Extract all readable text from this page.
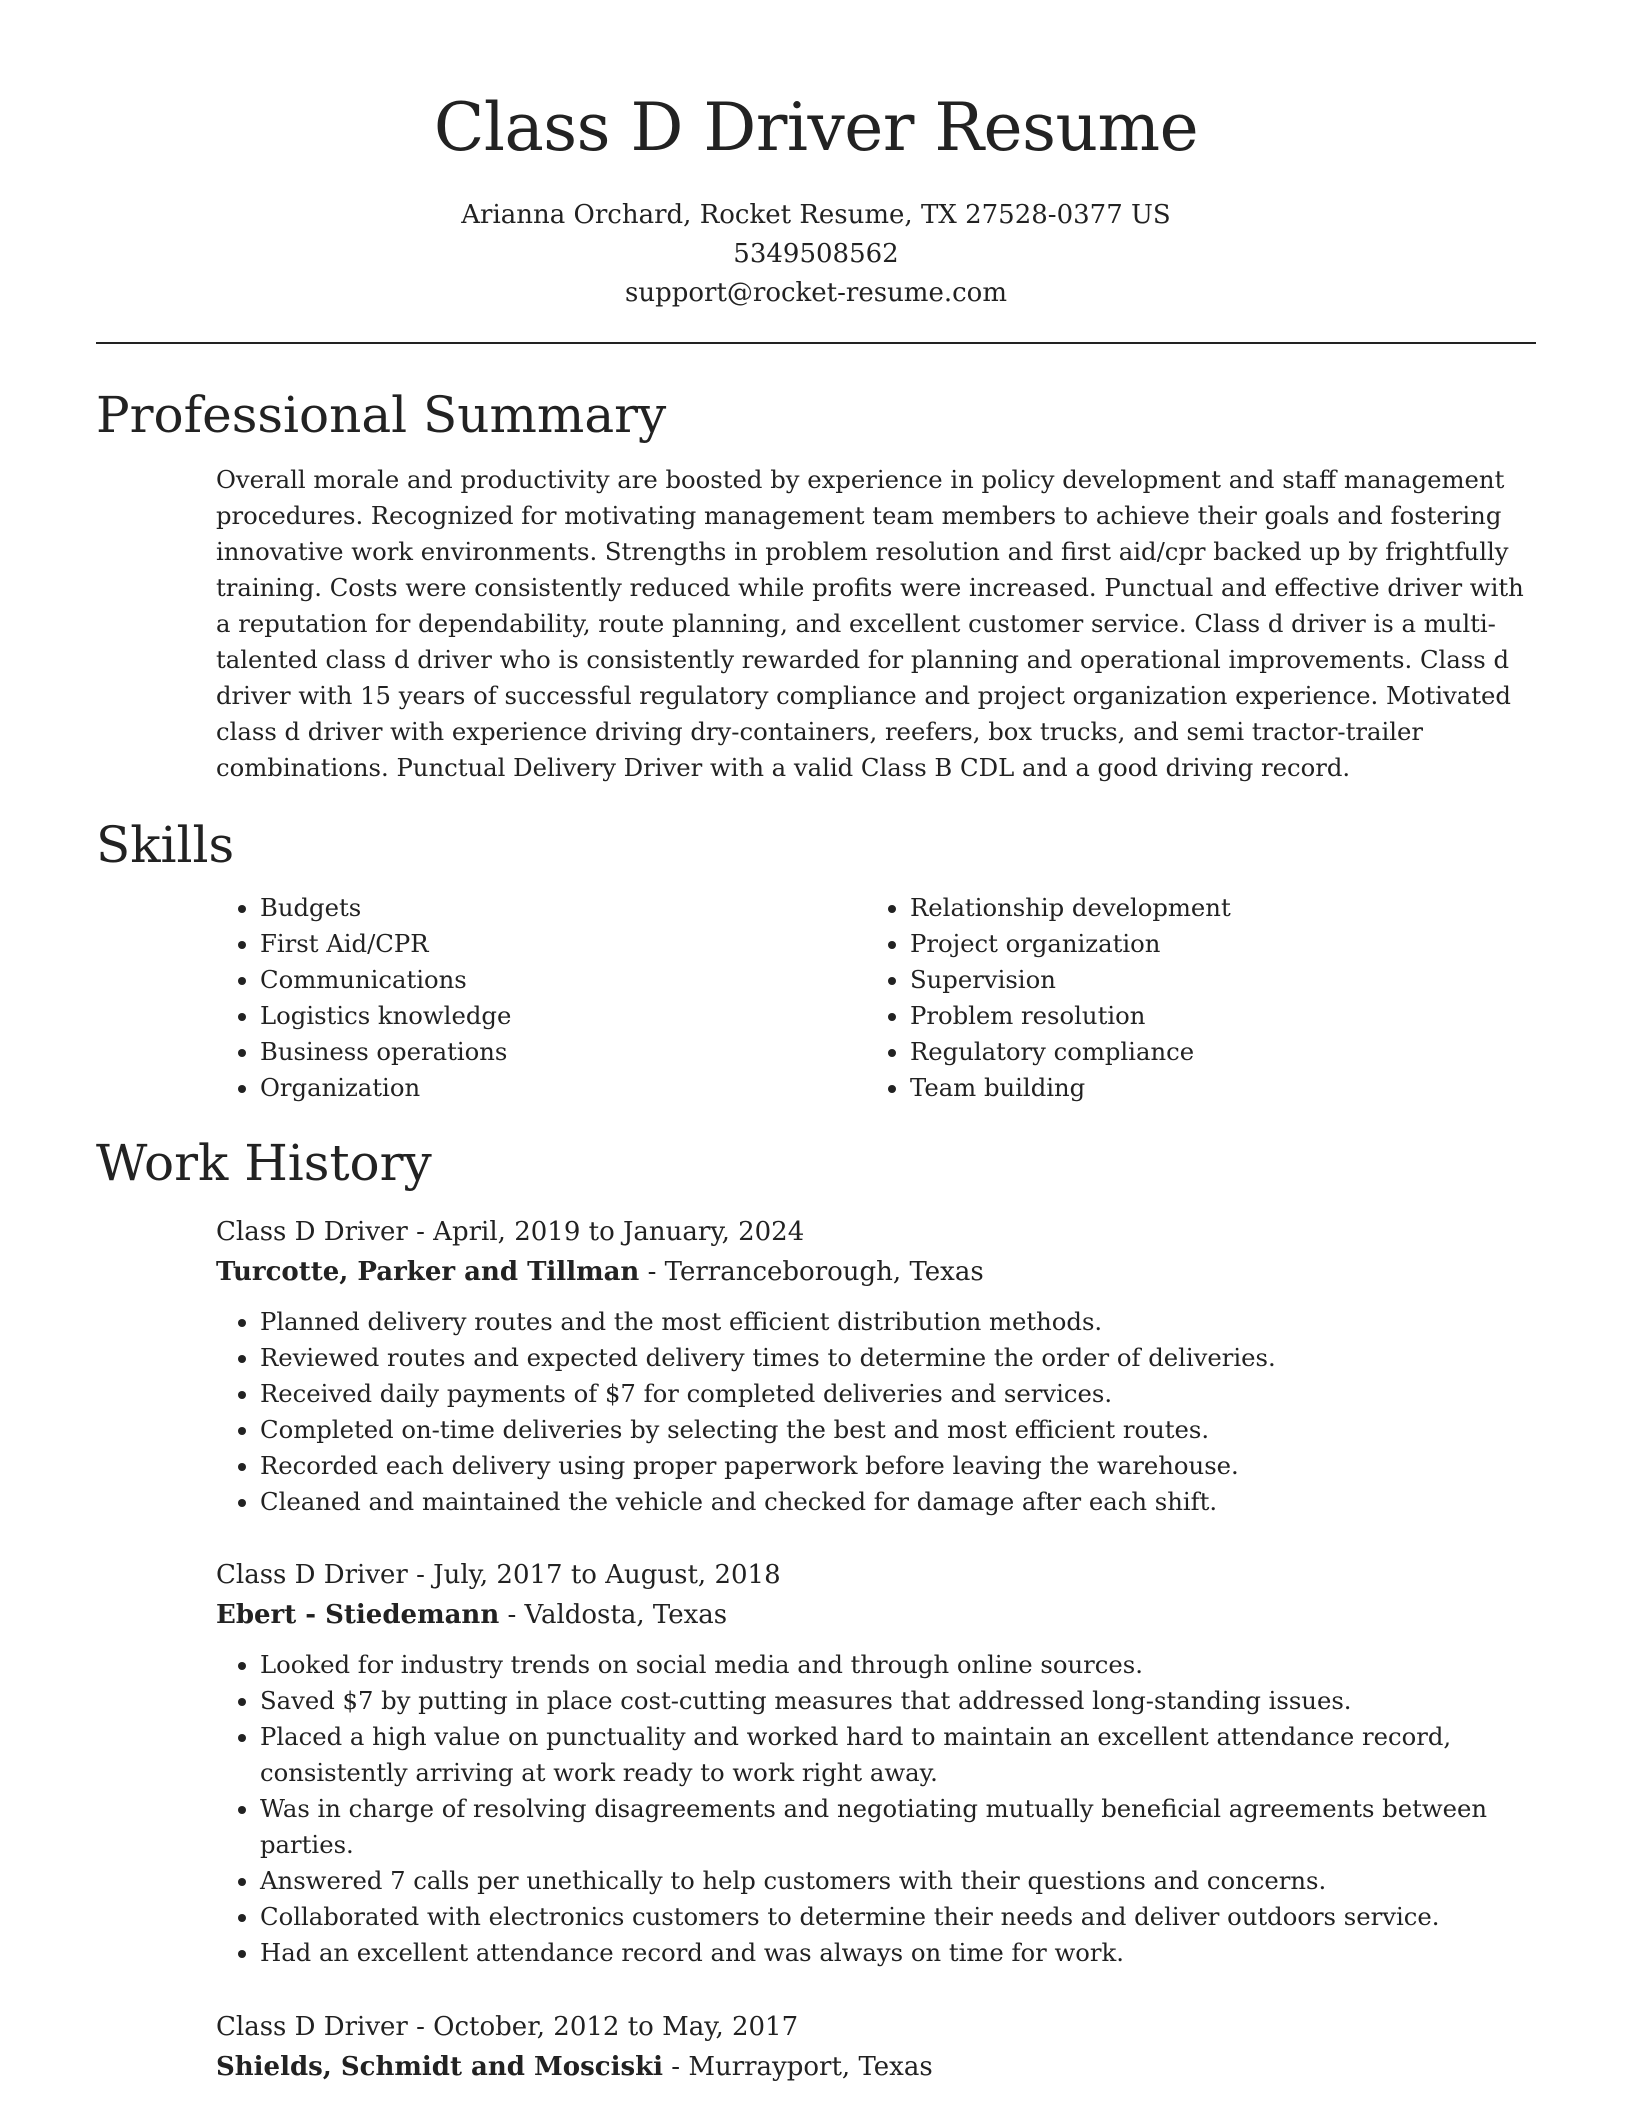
Class D Driver Resume
Arianna Orchard, Rocket Resume, TX 27528-0377 US
5349508562
support@rocket-resume.com
Professional Summary

Overall morale and productivity are boosted by experience in policy development and staff management procedures. Recognized for motivating management team members to achieve their goals and fostering innovative work environments. Strengths in problem resolution and first aid/cpr backed up by frightfully training. Costs were consistently reduced while profits were increased. Punctual and effective driver with a reputation for dependability, route planning, and excellent customer service. Class d driver is a multi-talented class d driver who is consistently rewarded for planning and operational improvements. Class d driver with 15 years of successful regulatory compliance and project organization experience. Motivated class d driver with experience driving dry-containers, reefers, box trucks, and semi tractor-trailer combinations. Punctual Delivery Driver with a valid Class B CDL and a good driving record.

Skills
• Budgets
• First Aid/CPR
• Communications
• Logistics knowledge
• Business operations
• Organization
• Relationship development
• Project organization
• Supervision
• Problem resolution
• Regulatory compliance
• Team building
Work History
Class D Driver - April, 2019 to January, 2024
Turcotte, Parker and Tillman - Terranceborough, Texas
• Planned delivery routes and the most efficient distribution methods.
• Reviewed routes and expected delivery times to determine the order of deliveries.
• Received daily payments of $7 for completed deliveries and services.
• Completed on-time deliveries by selecting the best and most efficient routes.
• Recorded each delivery using proper paperwork before leaving the warehouse.
• Cleaned and maintained the vehicle and checked for damage after each shift.
Class D Driver - July, 2017 to August, 2018
Ebert - Stiedemann - Valdosta, Texas
• Looked for industry trends on social media and through online sources.
• Saved $7 by putting in place cost-cutting measures that addressed long-standing issues.
• Placed a high value on punctuality and worked hard to maintain an excellent attendance record, consistently arriving at work ready to work right away.
• Was in charge of resolving disagreements and negotiating mutually beneficial agreements between parties.
• Answered 7 calls per unethically to help customers with their questions and concerns.
• Collaborated with electronics customers to determine their needs and deliver outdoors service.
• Had an excellent attendance record and was always on time for work.
Class D Driver - October, 2012 to May, 2017
Shields, Schmidt and Mosciski - Murrayport, Texas
